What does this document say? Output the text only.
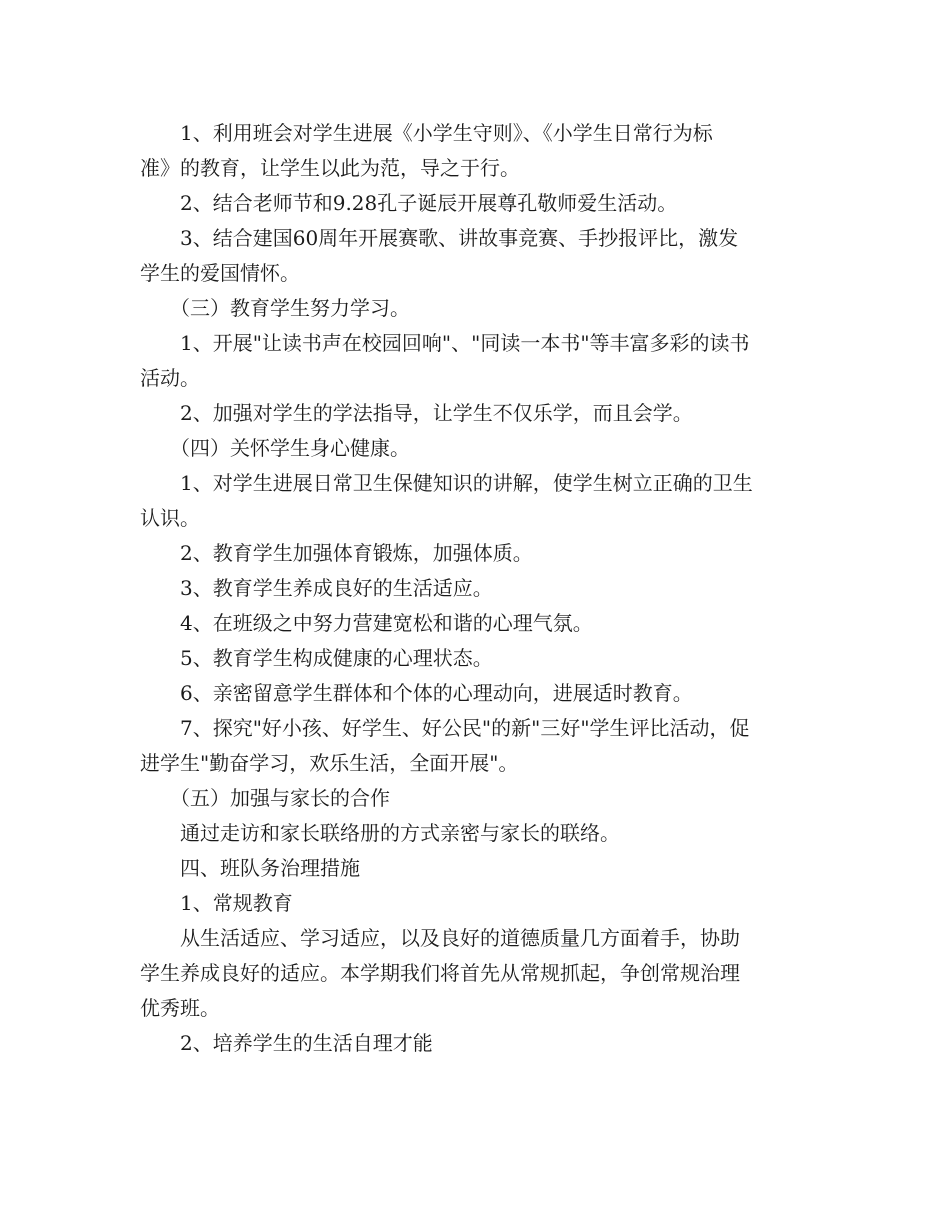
1、利用班会对学生进展《小学生守则》、《小学生日常行为标
准》的教育，让学生以此为范，导之于行。
2、结合老师节和9.28孔子诞辰开展尊孔敬师爱生活动。
3、结合建国60周年开展赛歌、讲故事竞赛、手抄报评比，激发
学生的爱国情怀。
（三）教育学生努力学习。
1、开展"让读书声在校园回响"、"同读一本书"等丰富多彩的读书
活动。
2、加强对学生的学法指导，让学生不仅乐学，而且会学。
（四）关怀学生身心健康。
1、对学生进展日常卫生保健知识的讲解，使学生树立正确的卫生
认识。
2、教育学生加强体育锻炼，加强体质。
3、教育学生养成良好的生活适应。
4、在班级之中努力营建宽松和谐的心理气氛。
5、教育学生构成健康的心理状态。
6、亲密留意学生群体和个体的心理动向，进展适时教育。
7、探究"好小孩、好学生、好公民"的新"三好"学生评比活动，促
进学生"勤奋学习，欢乐生活，全面开展"。
（五）加强与家长的合作
通过走访和家长联络册的方式亲密与家长的联络。
四、班队务治理措施
1、常规教育
从生活适应、学习适应，以及良好的道德质量几方面着手，协助
学生养成良好的适应。本学期我们将首先从常规抓起，争创常规治理
优秀班。
2、培养学生的生活自理才能
